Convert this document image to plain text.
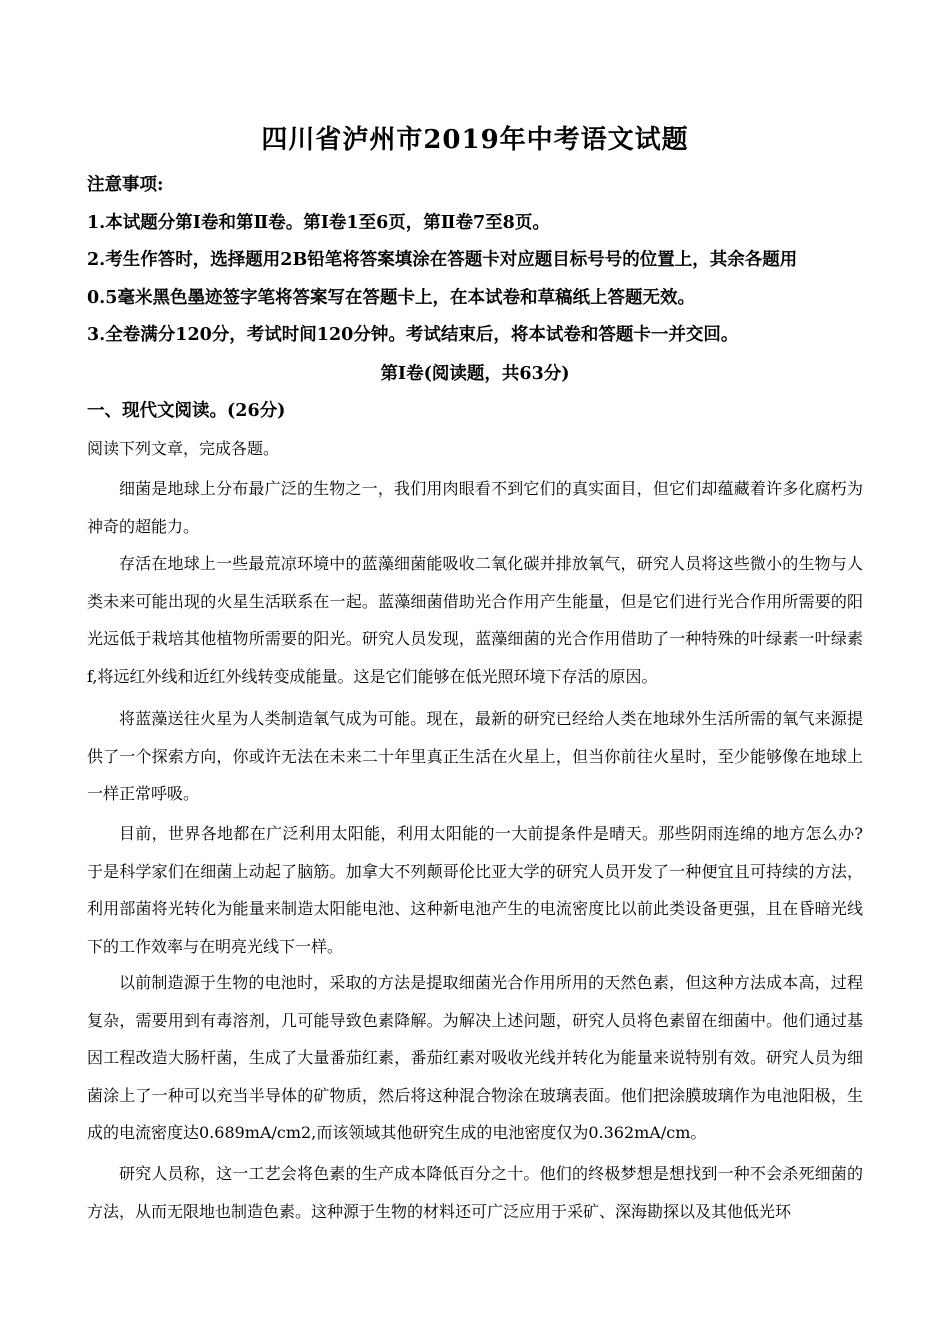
四川省泸州市2019年中考语文试题
注意事项:
1.本试题分第Ⅰ卷和第Ⅱ卷。第Ⅰ卷1至6页，第Ⅱ卷7至8页。
2.考生作答时，选择题用2B铅笔将答案填涂在答题卡对应题目标号号的位置上，其余各题用
0.5毫米黑色墨迹签字笔将答案写在答题卡上，在本试卷和草稿纸上答题无效。
3.全卷满分120分，考试时间120分钟。考试结束后，将本试卷和答题卡一并交回。
第Ⅰ卷(阅读题，共63分)
一、现代文阅读。(26分)
阅读下列文章，完成各题。
细菌是地球上分布最广泛的生物之一，我们用肉眼看不到它们的真实面目，但它们却蕴藏着许多化腐朽为神奇的超能力。
存活在地球上一些最荒凉环境中的蓝藻细菌能吸收二氧化碳并排放氧气，研究人员将这些微小的生物与人类未来可能出现的火星生活联系在一起。蓝藻细菌借助光合作用产生能量，但是它们进行光合作用所需要的阳光远低于栽培其他植物所需要的阳光。研究人员发现，蓝藻细菌的光合作用借助了一种特殊的叶绿素一叶绿素 f,将远红外线和近红外线转变成能量。这是它们能够在低光照环境下存活的原因。
将蓝藻送往火星为人类制造氧气成为可能。现在，最新的研究已经给人类在地球外生活所需的氧气来源提供了一个探索方向，你或许无法在未来二十年里真正生活在火星上，但当你前往火星时，至少能够像在地球上一样正常呼吸。
目前，世界各地都在广泛利用太阳能，利用太阳能的一大前提条件是晴天。那些阴雨连绵的地方怎么办?于是科学家们在细菌上动起了脑筋。加拿大不列颠哥伦比亚大学的研究人员开发了一种便宜且可持续的方法，利用部菌将光转化为能量来制造太阳能电池、这种新电池产生的电流密度比以前此类设备更强，且在昏暗光线下的工作效率与在明亮光线下一样。
以前制造源于生物的电池时，采取的方法是提取细菌光合作用所用的天然色素，但这种方法成本高，过程复杂，需要用到有毒溶剂，几可能导致色素降解。为解决上述问题，研究人员将色素留在细菌中。他们通过基因工程改造大肠杆菌，生成了大量番茄红素，番茄红素对吸收光线并转化为能量来说特别有效。研究人员为细菌涂上了一种可以充当半导体的矿物质，然后将这种混合物涂在玻璃表面。他们把涂膜玻璃作为电池阳极，生成的电流密度达0.689mA/cm2,而该领域其他研究生成的电池密度仅为0.362mA/cm。
研究人员称，这一工艺会将色素的生产成本降低百分之十。他们的终极梦想是想找到一种不会杀死细菌的方法，从而无限地也制造色素。这种源于生物的材料还可广泛应用于采矿、深海勘探以及其他低光环
